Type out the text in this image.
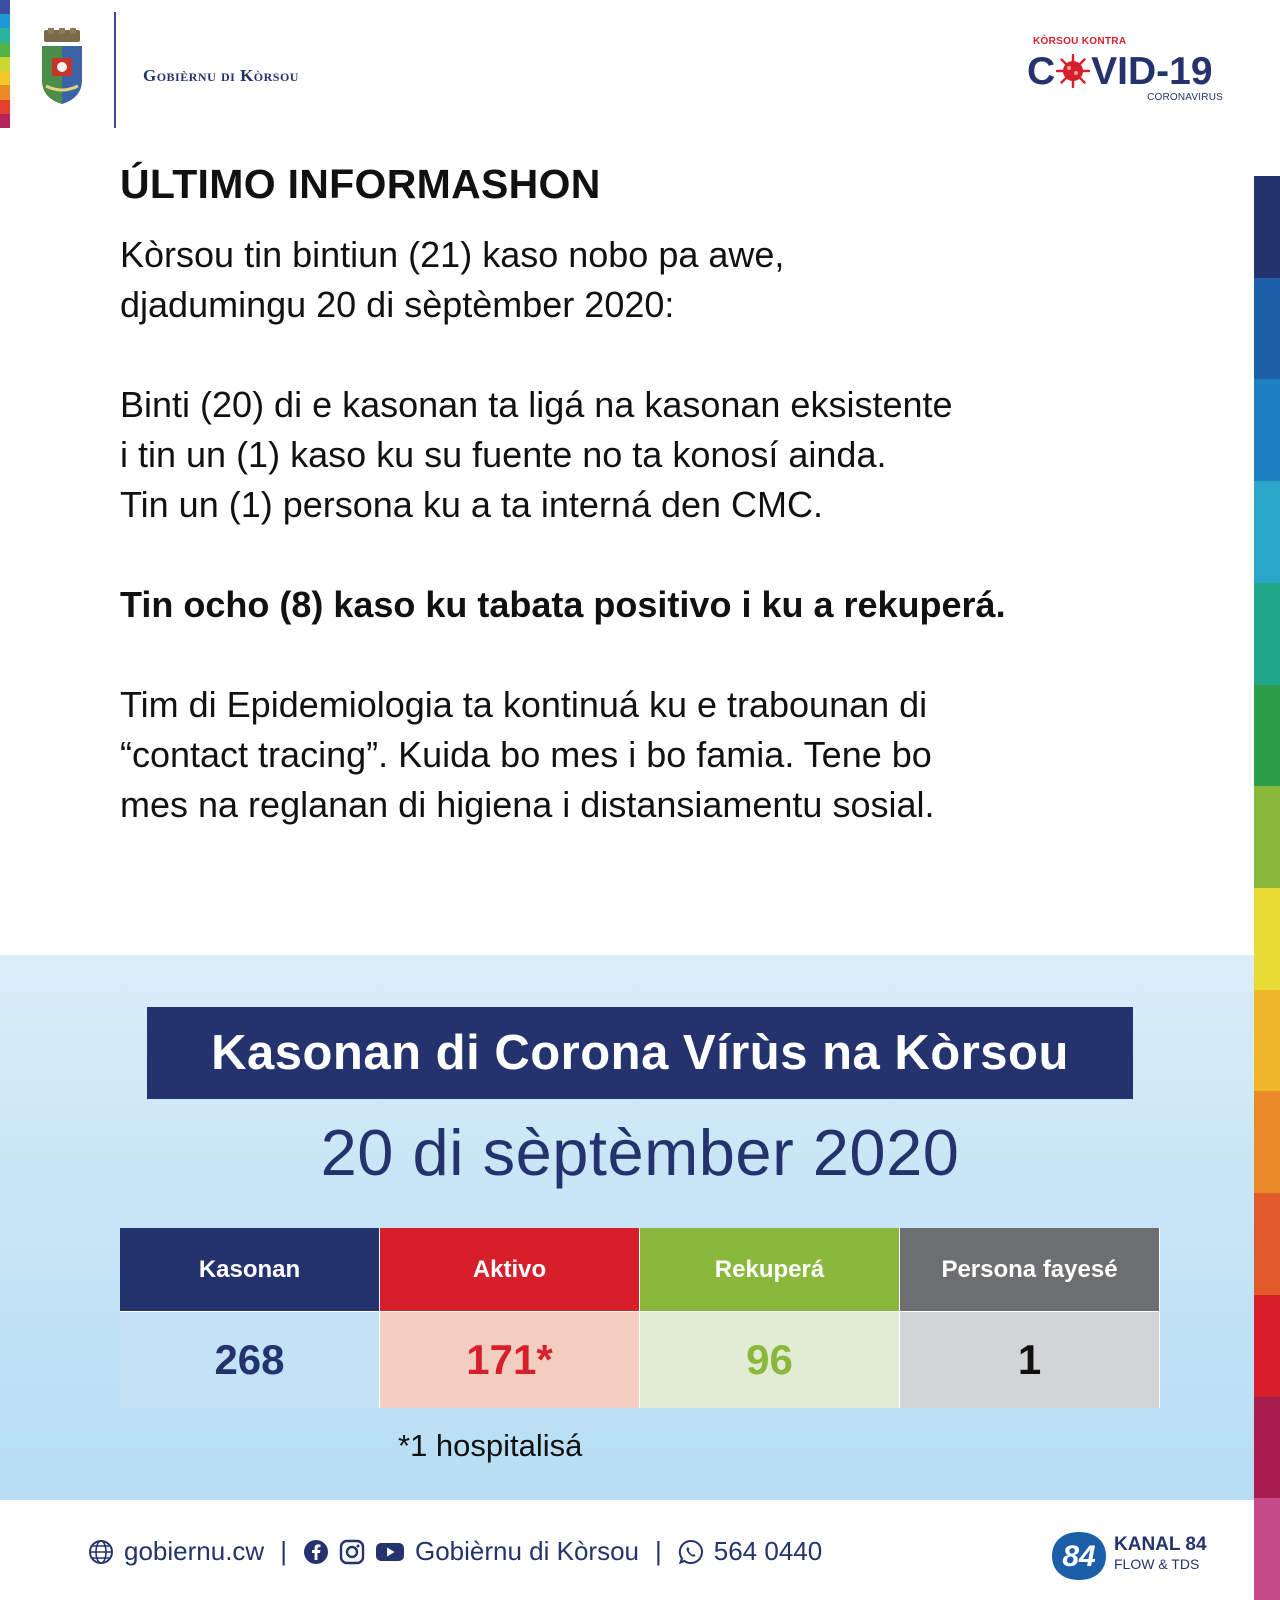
Gobièrnu di Kòrsou
KÒRSOU KONTRA
C VID-19
CORONAVIRUS
ÚLTIMO INFORMASHON
Kòrsou tin bintiun (21) kaso nobo pa awe,
djadumingu 20 di sèptèmber 2020:
Binti (20) di e kasonan ta ligá na kasonan eksistente
i tin un (1) kaso ku su fuente no ta konosí ainda.
Tin un (1) persona ku a ta interná den CMC.
Tin ocho (8) kaso ku tabata positivo i ku a rekuperá.
Tim di Epidemiologia ta kontinuá ku e trabounan di
“contact tracing”. Kuida bo mes i bo famia. Tene bo
mes na reglanan di higiena i distansiamentu sosial.
Kasonan di Corona Vírùs na Kòrsou
20 di sèptèmber 2020
Kasonan	Aktivo	Rekuperá	Persona fayesé
268	171*	96	1
*1 hospitalisá
gobiernu.cw |	Gobièrnu di Kòrsou | 564 0440	84 KANAL 84
FLOW & TDS
